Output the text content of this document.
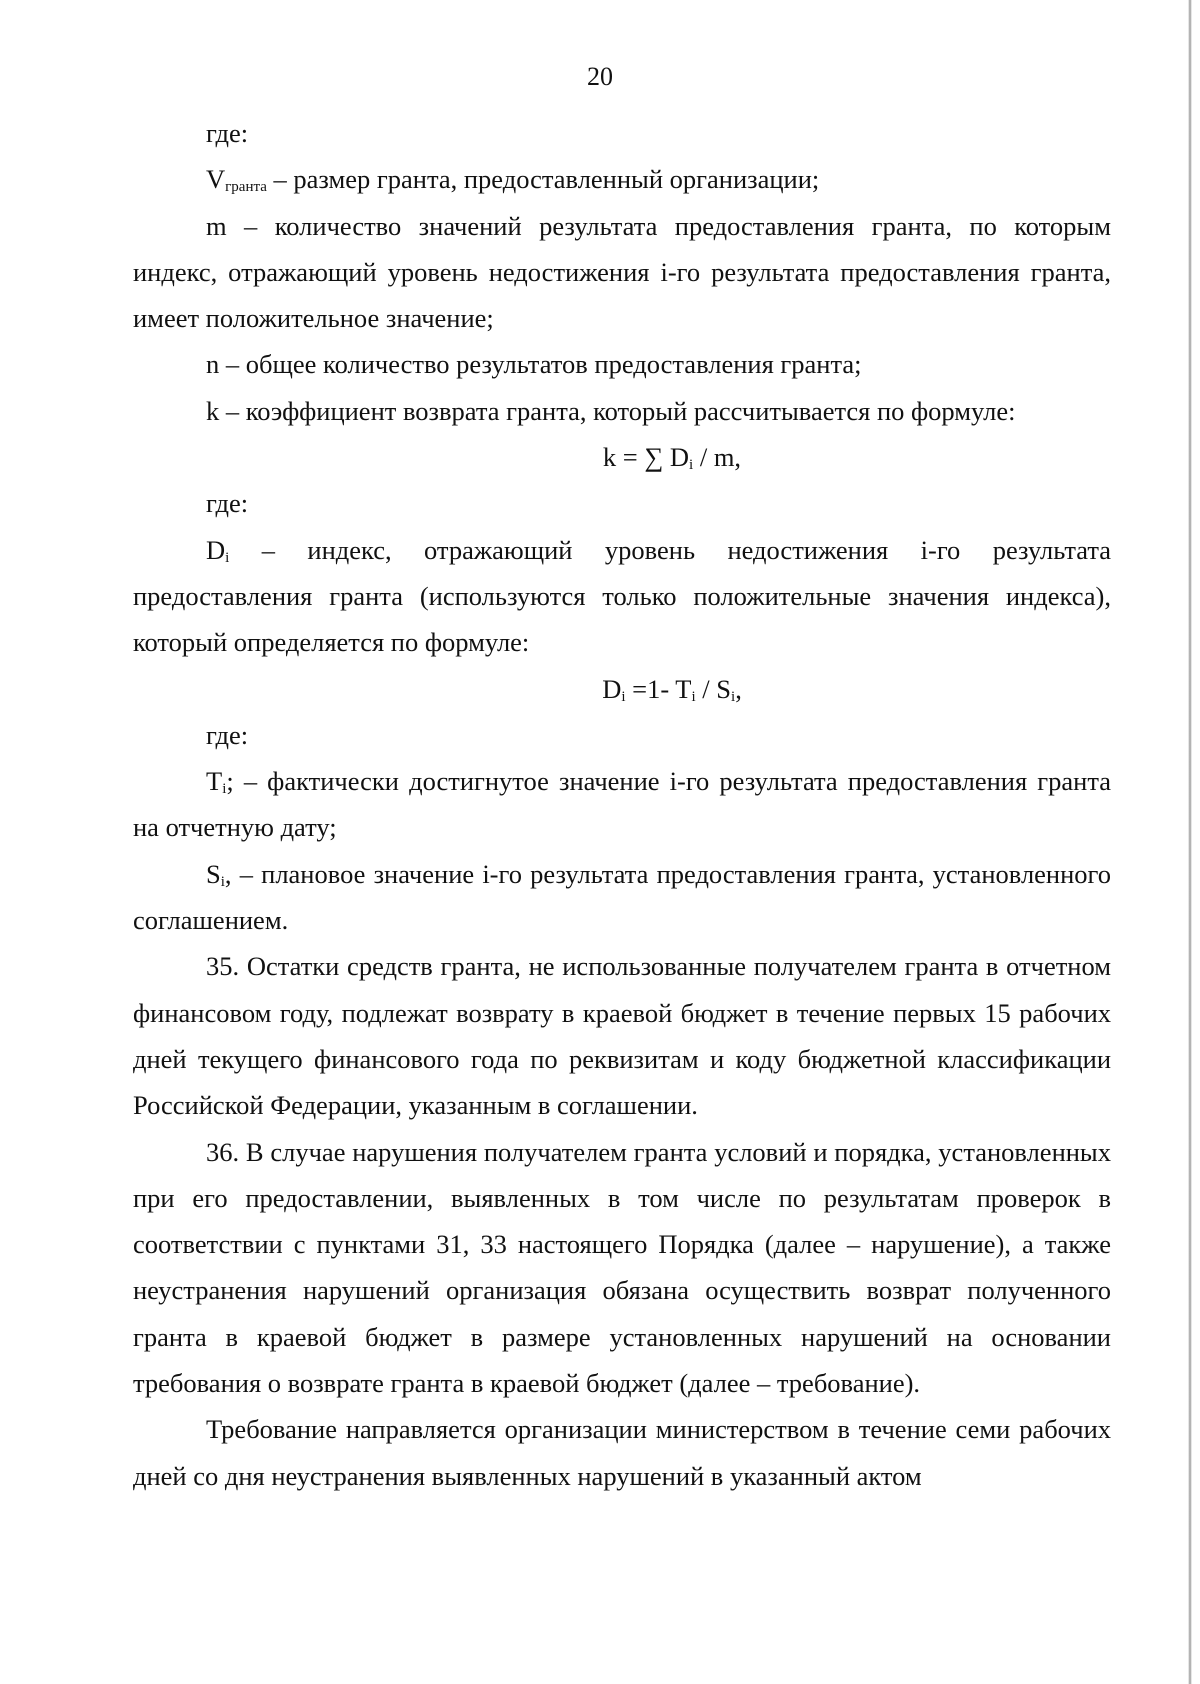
20

где:

$V_{гранта}$ – размер гранта, предоставленный организации;

m – количество значений результата предоставления гранта, по которым индекс, отражающий уровень недостижения i-го результата предоставления гранта, имеет положительное значение;

n – общее количество результатов предоставления гранта;

k – коэффициент возврата гранта, который рассчитывается по формуле:

k = ∑ $D_i$ / m,

где:

$D_i$ – индекс, отражающий уровень недостижения i-го результата предоставления гранта (используются только положительные значения индекса), который определяется по формуле:

$D_i =1-$ $T_i / S_i$,

где:

$T_i$; – фактически достигнутое значение i-го результата предоставления гранта на отчетную дату;

$S_i$, – плановое значение i-го результата предоставления гранта, установленного соглашением.

35. Остатки средств гранта, не использованные получателем гранта в отчетном финансовом году, подлежат возврату в краевой бюджет в течение первых 15 рабочих дней текущего финансового года по реквизитам и коду бюджетной классификации Российской Федерации, указанным в соглашении.

36. В случае нарушения получателем гранта условий и порядка, установленных при его предоставлении, выявленных в том числе по результатам проверок в соответствии с пунктами 31, 33 настоящего Порядка (далее – нарушение), а также неустранения нарушений организация обязана осуществить возврат полученного гранта в краевой бюджет в размере установленных нарушений на основании требования о возврате гранта в краевой бюджет (далее – требование).

Требование направляется организации министерством в течение семи рабочих дней со дня неустранения выявленных нарушений в указанный актом
